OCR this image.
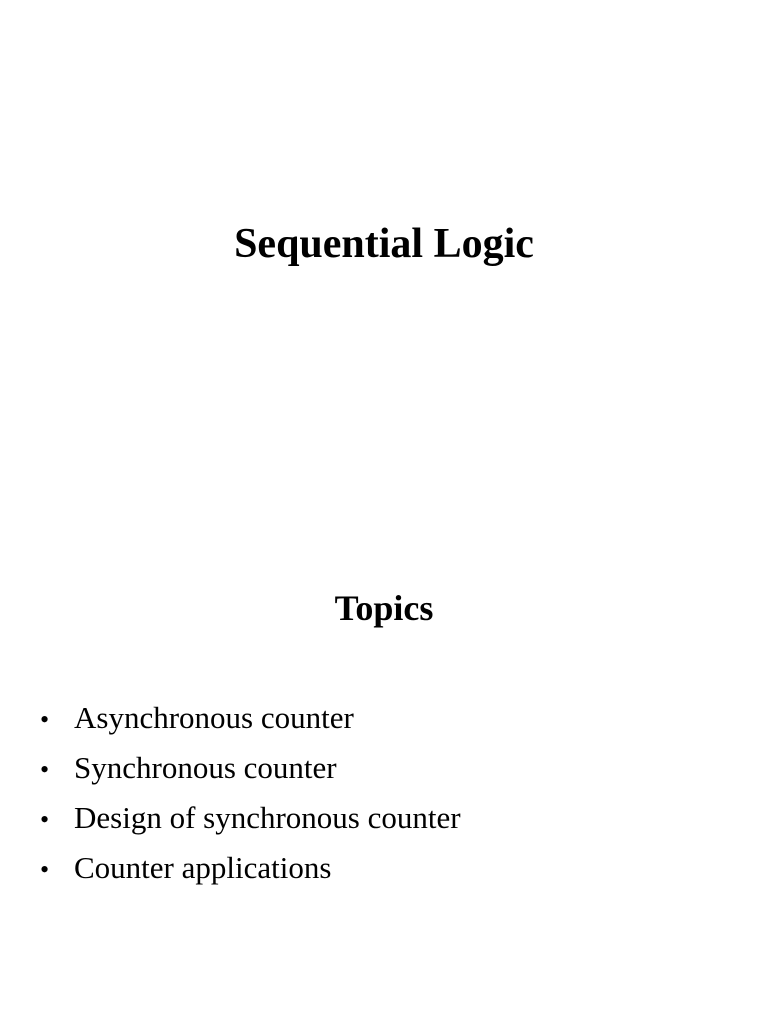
Sequential Logic
Topics
• Asynchronous counter
• Synchronous counter
• Design of synchronous counter
• Counter applications
